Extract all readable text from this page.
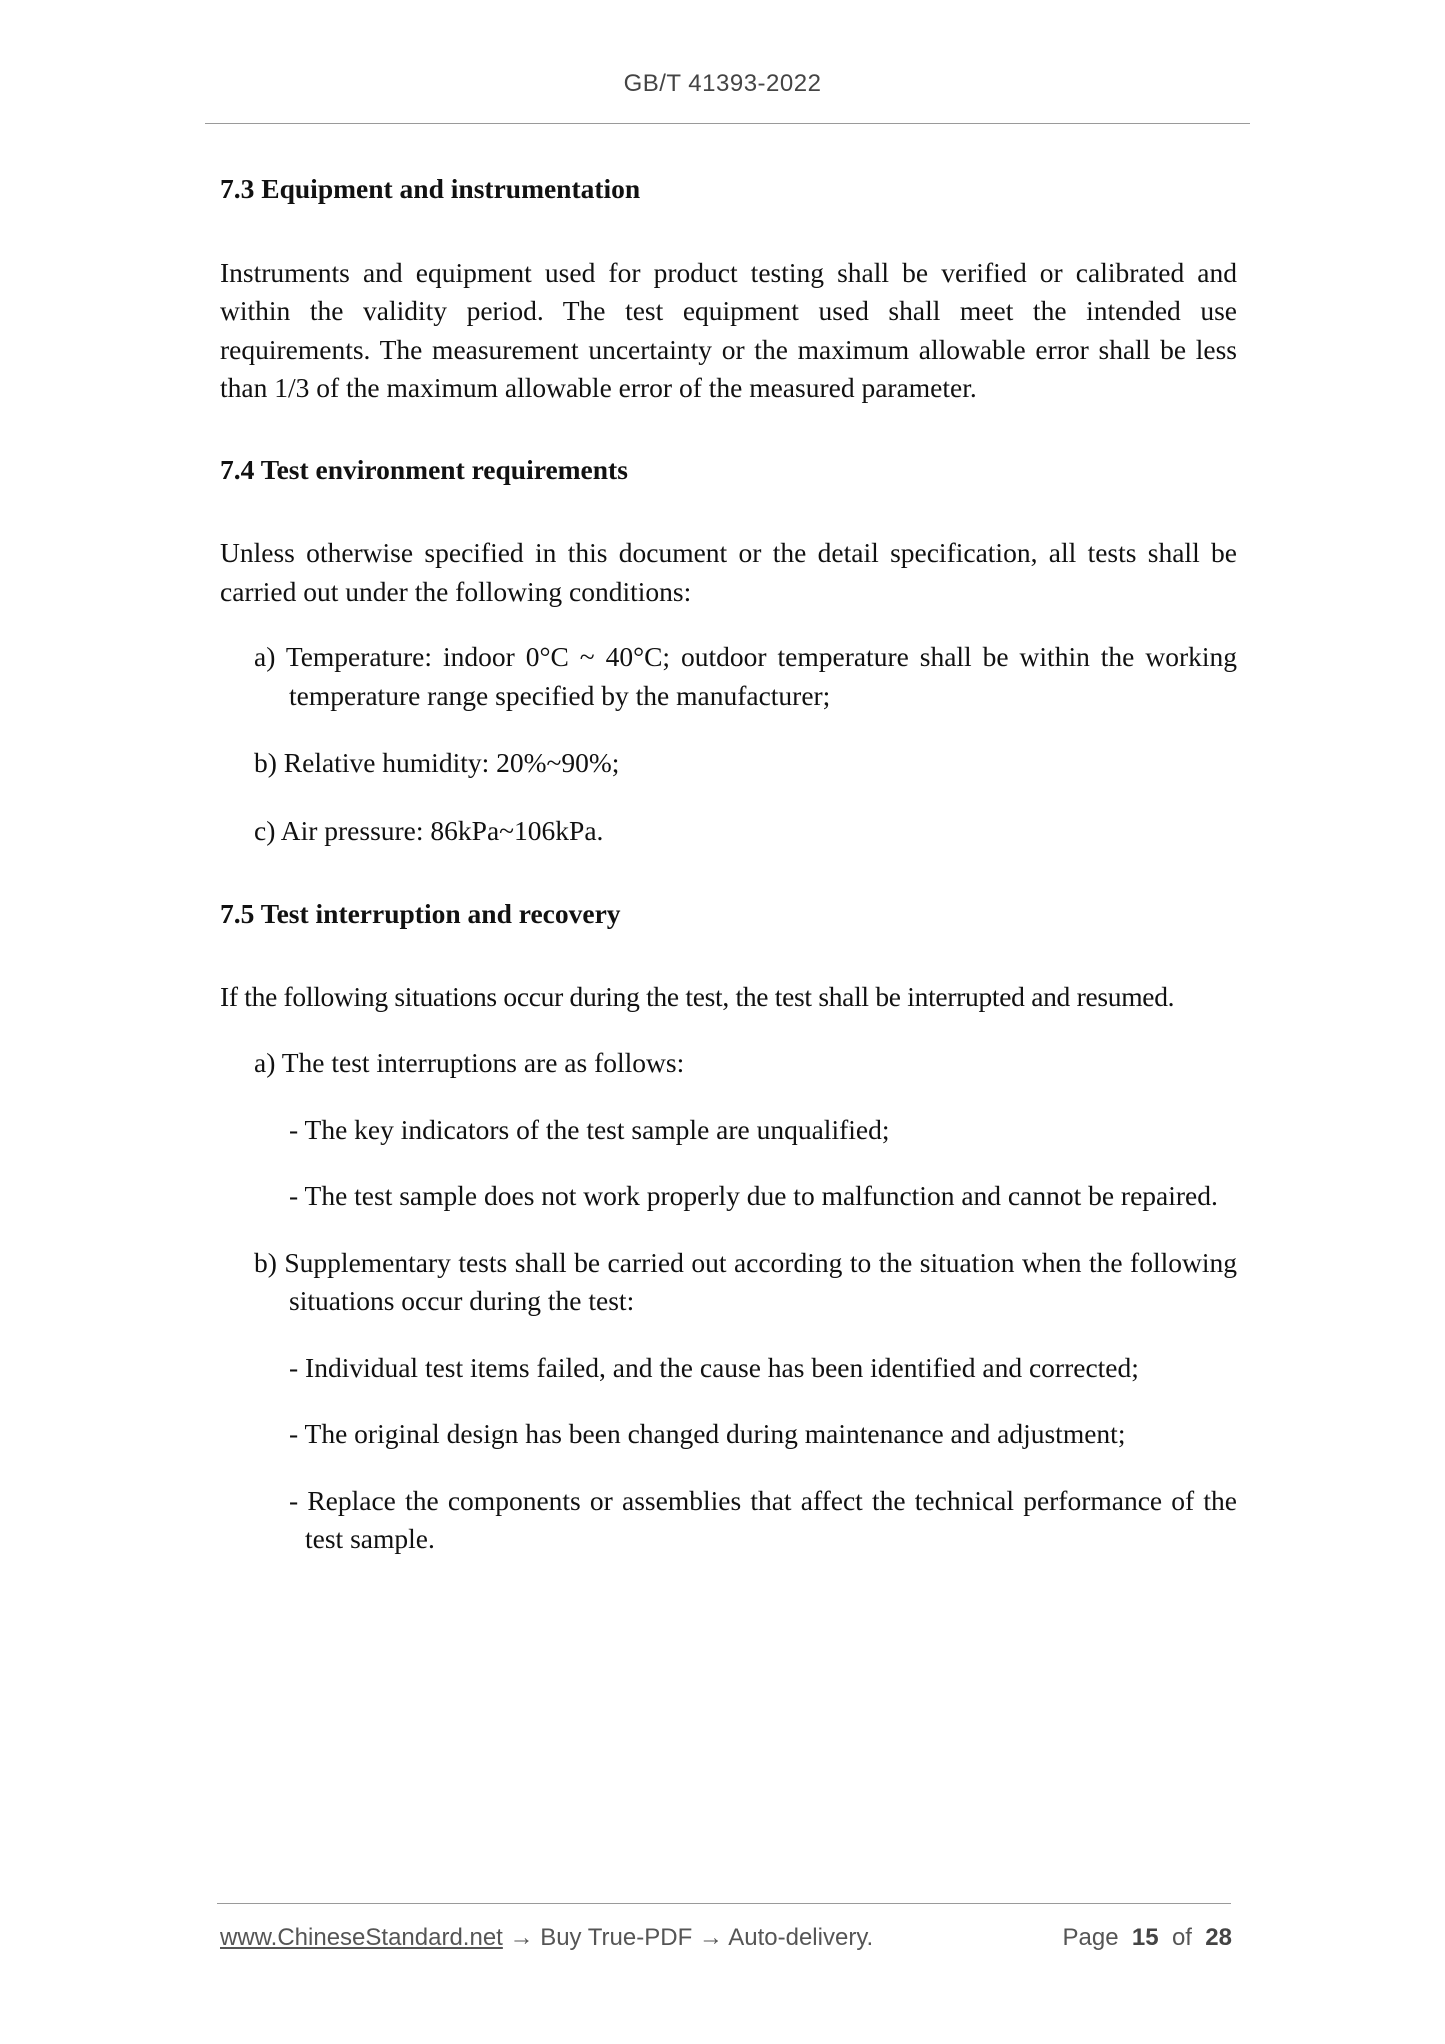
GB/T 41393-2022

7.3 Equipment and instrumentation

Instruments and equipment used for product testing shall be verified or calibrated and within the validity period. The test equipment used shall meet the intended use requirements. The measurement uncertainty or the maximum allowable error shall be less than 1/3 of the maximum allowable error of the measured parameter.

7.4 Test environment requirements

Unless otherwise specified in this document or the detail specification, all tests shall be carried out under the following conditions:

a) Temperature: indoor 0°C ~ 40°C; outdoor temperature shall be within the working temperature range specified by the manufacturer;

b) Relative humidity: 20%~90%;

c) Air pressure: 86kPa~106kPa.

7.5 Test interruption and recovery

If the following situations occur during the test, the test shall be interrupted and resumed.

a) The test interruptions are as follows:

- The key indicators of the test sample are unqualified;

- The test sample does not work properly due to malfunction and cannot be repaired.

b) Supplementary tests shall be carried out according to the situation when the following situations occur during the test:

- Individual test items failed, and the cause has been identified and corrected;

- The original design has been changed during maintenance and adjustment;

- Replace the components or assemblies that affect the technical performance of the test sample.

www.ChineseStandard.net → Buy True-PDF → Auto-delivery.	Page 15 of 28
